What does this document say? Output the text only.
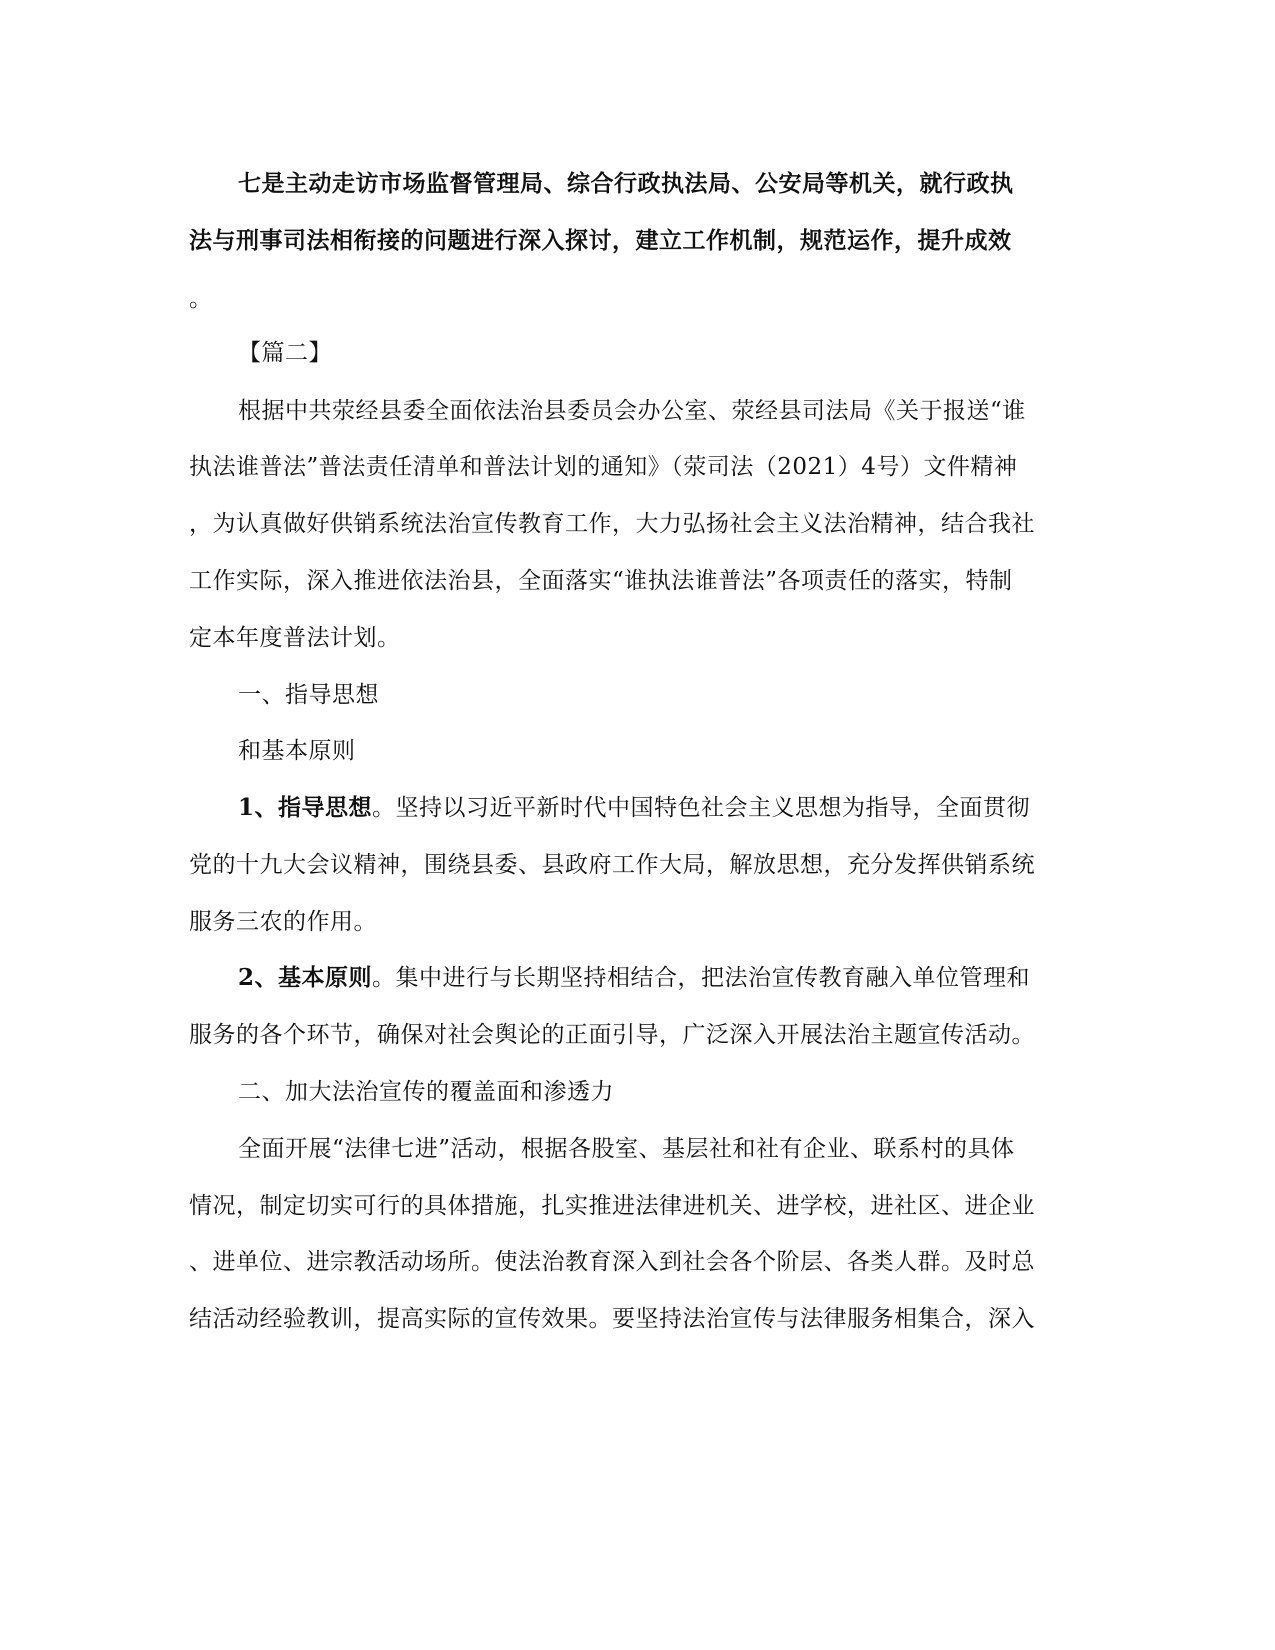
七是主动走访市场监督管理局、综合行政执法局、公安局等机关，就行政执
法与刑事司法相衔接的问题进行深入探讨，建立工作机制，规范运作，提升成效
。
【篇二】
根据中共荥经县委全面依法治县委员会办公室、荥经县司法局《关于报送“谁
执法谁普法”普法责任清单和普法计划的通知》（荥司法（2021）4号）文件精神
，为认真做好供销系统法治宣传教育工作，大力弘扬社会主义法治精神，结合我社
工作实际，深入推进依法治县，全面落实“谁执法谁普法”各项责任的落实，特制
定本年度普法计划。
一、指导思想
和基本原则
1、指导思想。坚持以习近平新时代中国特色社会主义思想为指导，全面贯彻
党的十九大会议精神，围绕县委、县政府工作大局，解放思想，充分发挥供销系统
服务三农的作用。
2、基本原则。集中进行与长期坚持相结合，把法治宣传教育融入单位管理和
服务的各个环节，确保对社会舆论的正面引导，广泛深入开展法治主题宣传活动。
二、加大法治宣传的覆盖面和渗透力
全面开展“法律七进”活动，根据各股室、基层社和社有企业、联系村的具体
情况，制定切实可行的具体措施，扎实推进法律进机关、进学校，进社区、进企业
、进单位、进宗教活动场所。使法治教育深入到社会各个阶层、各类人群。及时总
结活动经验教训，提高实际的宣传效果。要坚持法治宣传与法律服务相集合，深入
